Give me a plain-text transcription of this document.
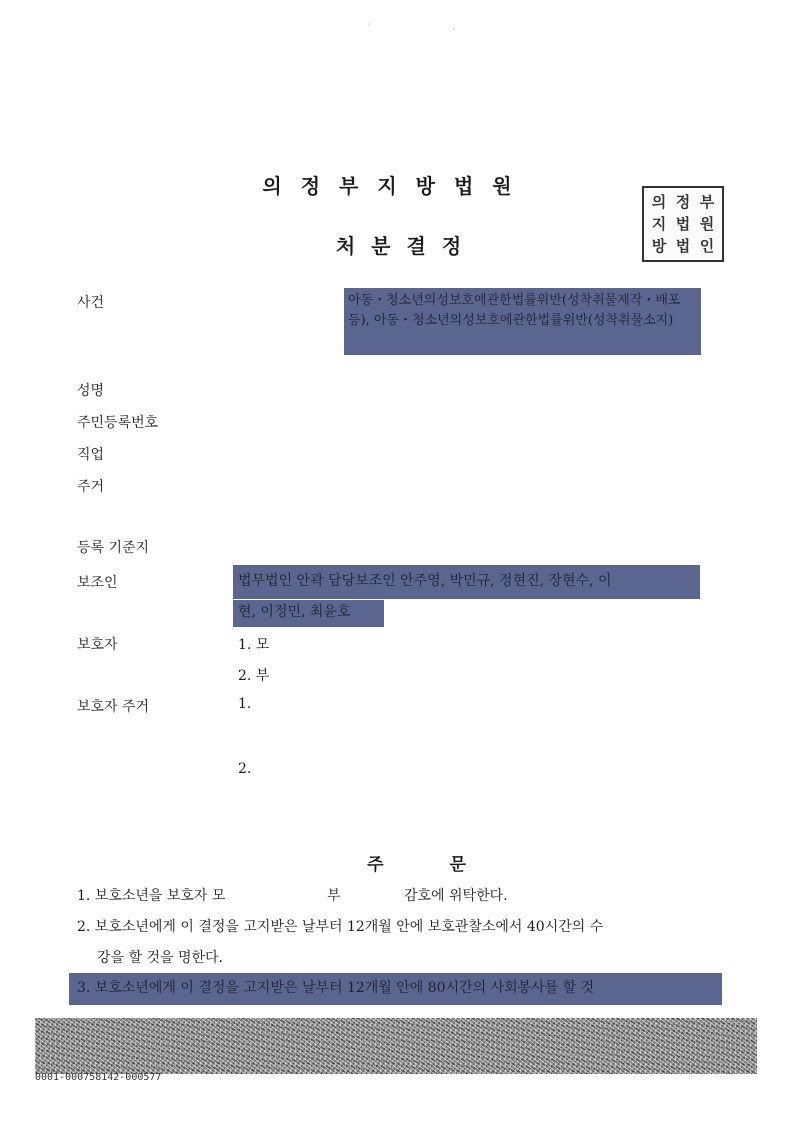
' ,
의정부지방법원
처분결정
의 정 부
지 법 원
방 법 인
사건	아동・청소년의성보호에관한법률위반(성착취물제작・배포등), 아동・청소년의성보호에관한법률위반(성착취물소지)
성명
주민등록번호
직업
주거
등록 기준지
보조인	법무법인 안곽 담당보조인 안주영, 박민규, 정현진, 장현수, 이
현, 이정민, 최윤호
보호자	1. 모
2. 부
보호자 주거	1.
2.
주 문
1. 보호소년을 보호자 모	부	감호에 위탁한다.
2. 보호소년에게 이 결정을 고지받은 날부터 12개월 안에 보호관찰소에서 40시간의 수
강을 할 것을 명한다.
3. 보호소년에게 이 결정을 고지받은 날부터 12개월 안에 80시간의 사회봉사를 할 것
0001-000758142-000577
